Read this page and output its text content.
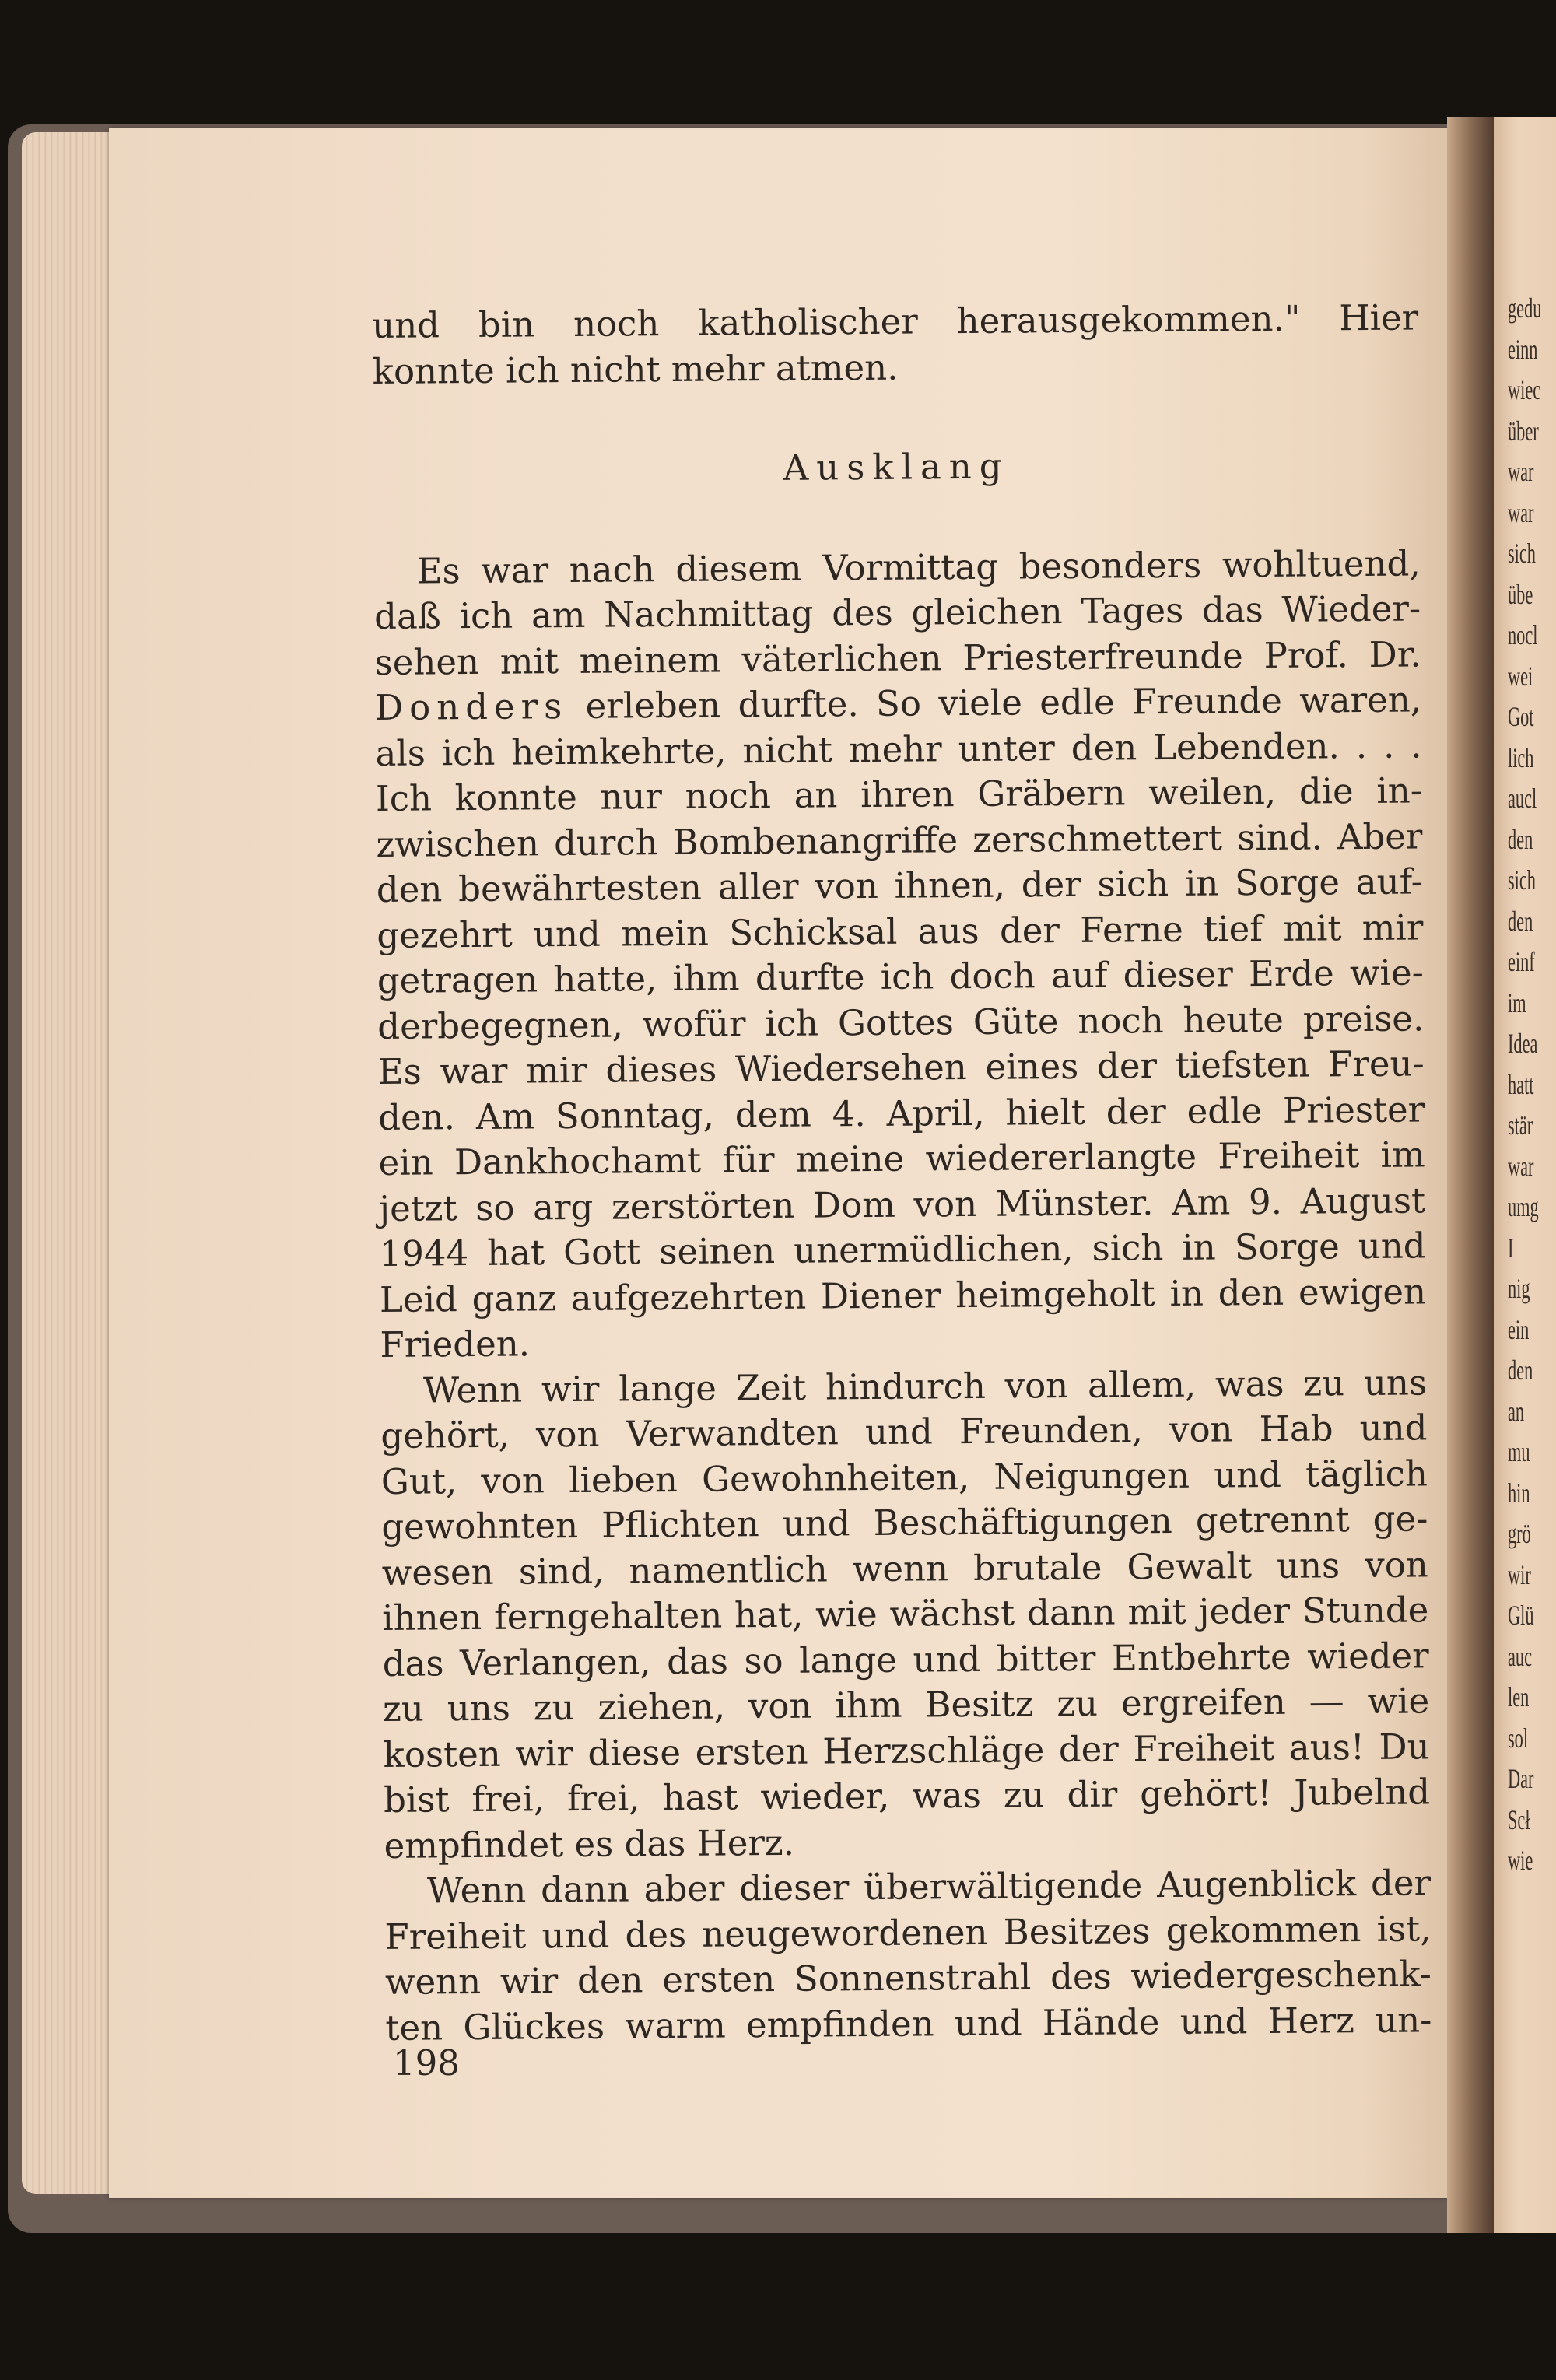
gedu
einn
wiec
über
war
war
sich
übe
nocl
wei
Got
lich
aucl
den
sich
den
einf
im
Idea
hatt
stär
war
umg
I
nig
ein
den
an
mu
hin
grö
wir
Glü
auc
len
sol
Dar
Scł
wie
und bin noch katholischer herausgekommen." Hier
konnte ich nicht mehr atmen.
Ausklang
Es war nach diesem Vormittag besonders wohltuend,
daß ich am Nachmittag des gleichen Tages das Wieder-
sehen mit meinem väterlichen Priesterfreunde Prof. Dr.
Donders erleben durfte. So viele edle Freunde waren,
als ich heimkehrte, nicht mehr unter den Lebenden. . . .
Ich konnte nur noch an ihren Gräbern weilen, die in-
zwischen durch Bombenangriffe zerschmettert sind. Aber
den bewährtesten aller von ihnen, der sich in Sorge auf-
gezehrt und mein Schicksal aus der Ferne tief mit mir
getragen hatte, ihm durfte ich doch auf dieser Erde wie-
derbegegnen, wofür ich Gottes Güte noch heute preise.
Es war mir dieses Wiedersehen eines der tiefsten Freu-
den. Am Sonntag, dem 4. April, hielt der edle Priester
ein Dankhochamt für meine wiedererlangte Freiheit im
jetzt so arg zerstörten Dom von Münster. Am 9. August
1944 hat Gott seinen unermüdlichen, sich in Sorge und
Leid ganz aufgezehrten Diener heimgeholt in den ewigen
Frieden.
Wenn wir lange Zeit hindurch von allem, was zu uns
gehört, von Verwandten und Freunden, von Hab und
Gut, von lieben Gewohnheiten, Neigungen und täglich
gewohnten Pflichten und Beschäftigungen getrennt ge-
wesen sind, namentlich wenn brutale Gewalt uns von
ihnen ferngehalten hat, wie wächst dann mit jeder Stunde
das Verlangen, das so lange und bitter Entbehrte wieder
zu uns zu ziehen, von ihm Besitz zu ergreifen — wie
kosten wir diese ersten Herzschläge der Freiheit aus! Du
bist frei, frei, hast wieder, was zu dir gehört! Jubelnd
empfindet es das Herz.
Wenn dann aber dieser überwältigende Augenblick der
Freiheit und des neugewordenen Besitzes gekommen ist,
wenn wir den ersten Sonnenstrahl des wiedergeschenk-
ten Glückes warm empfinden und Hände und Herz un-
198
